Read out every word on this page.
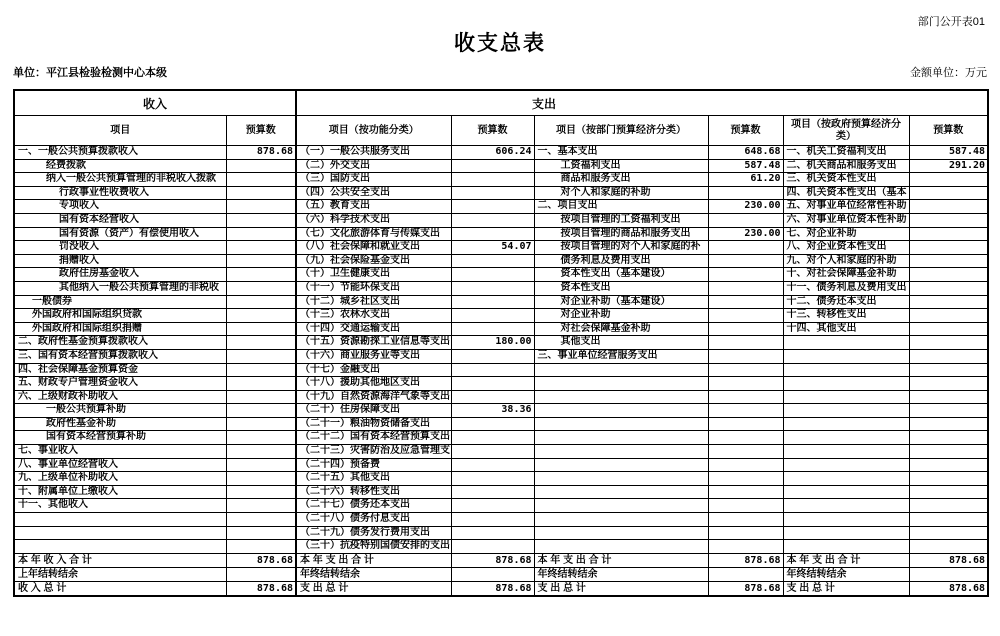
部门公开表01
收支总表
单位：平江县检验检测中心本级	金额单位：万元
收入		支出					

项目	预算数	项目（按功能分类）	预算数	项目（按部门预算经济分类）	预算数	项目（按政府预算经济分类）	预算数
一、一般公共预算拨款收入	878.68	（一）一般公共服务支出	606.24	一、基本支出	648.68	一、机关工资福利支出	587.48
经费拨款		（二）外交支出		工资福利支出	587.48	二、机关商品和服务支出	291.20
纳入一般公共预算管理的非税收入拨款		（三）国防支出		商品和服务支出	61.20	三、机关资本性支出	
行政事业性收费收入		（四）公共安全支出		对个人和家庭的补助		四、机关资本性支出（基本	
专项收入		（五）教育支出		二、项目支出	230.00	五、对事业单位经常性补助	
国有资本经营收入		（六）科学技术支出		按项目管理的工资福利支出		六、对事业单位资本性补助	
国有资源（资产）有偿使用收入		（七）文化旅游体育与传媒支出		按项目管理的商品和服务支出	230.00	七、对企业补助	
罚没收入		（八）社会保障和就业支出	54.07	按项目管理的对个人和家庭的补		八、对企业资本性支出	
捐赠收入		（九）社会保险基金支出		债务利息及费用支出		九、对个人和家庭的补助	
政府住房基金收入		（十）卫生健康支出		资本性支出（基本建设）		十、对社会保障基金补助	
其他纳入一般公共预算管理的非税收		（十一）节能环保支出		资本性支出		十一、债务利息及费用支出	
一般债券		（十二）城乡社区支出		对企业补助（基本建设）		十二、债务还本支出	
外国政府和国际组织贷款		（十三）农林水支出		对企业补助		十三、转移性支出	
外国政府和国际组织捐赠		（十四）交通运输支出		对社会保障基金补助		十四、其他支出	
二、政府性基金预算拨款收入		（十五）资源勘探工业信息等支出	180.00	其他支出			
三、国有资本经营预算拨款收入		（十六）商业服务业等支出		三、事业单位经营服务支出			
四、社会保障基金预算资金		（十七）金融支出					
五、财政专户管理资金收入		（十八）援助其他地区支出					
六、上级财政补助收入		（十九）自然资源海洋气象等支出					
一般公共预算补助		（二十）住房保障支出	38.36				
政府性基金补助		（二十一）粮油物资储备支出					
国有资本经营预算补助		（二十二）国有资本经营预算支出					
七、事业收入		（二十三）灾害防治及应急管理支					
八、事业单位经营收入		（二十四）预备费					
九、上级单位补助收入		（二十五）其他支出					
十、附属单位上缴收入		（二十六）转移性支出					
十一、其他收入		（二十七）债务还本支出					
		（二十八）债务付息支出					
		（二十九）债务发行费用支出					
		（三十）抗疫特别国债安排的支出					
本 年 收 入 合 计	878.68	本 年 支 出 合 计	878.68	本 年 支 出 合 计	878.68	本 年 支 出 合 计	878.68
上年结转结余		年终结转结余		年终结转结余		年终结转结余	
收 入 总 计	878.68	支 出 总 计	878.68	支 出 总 计	878.68	支 出 总 计	878.68
